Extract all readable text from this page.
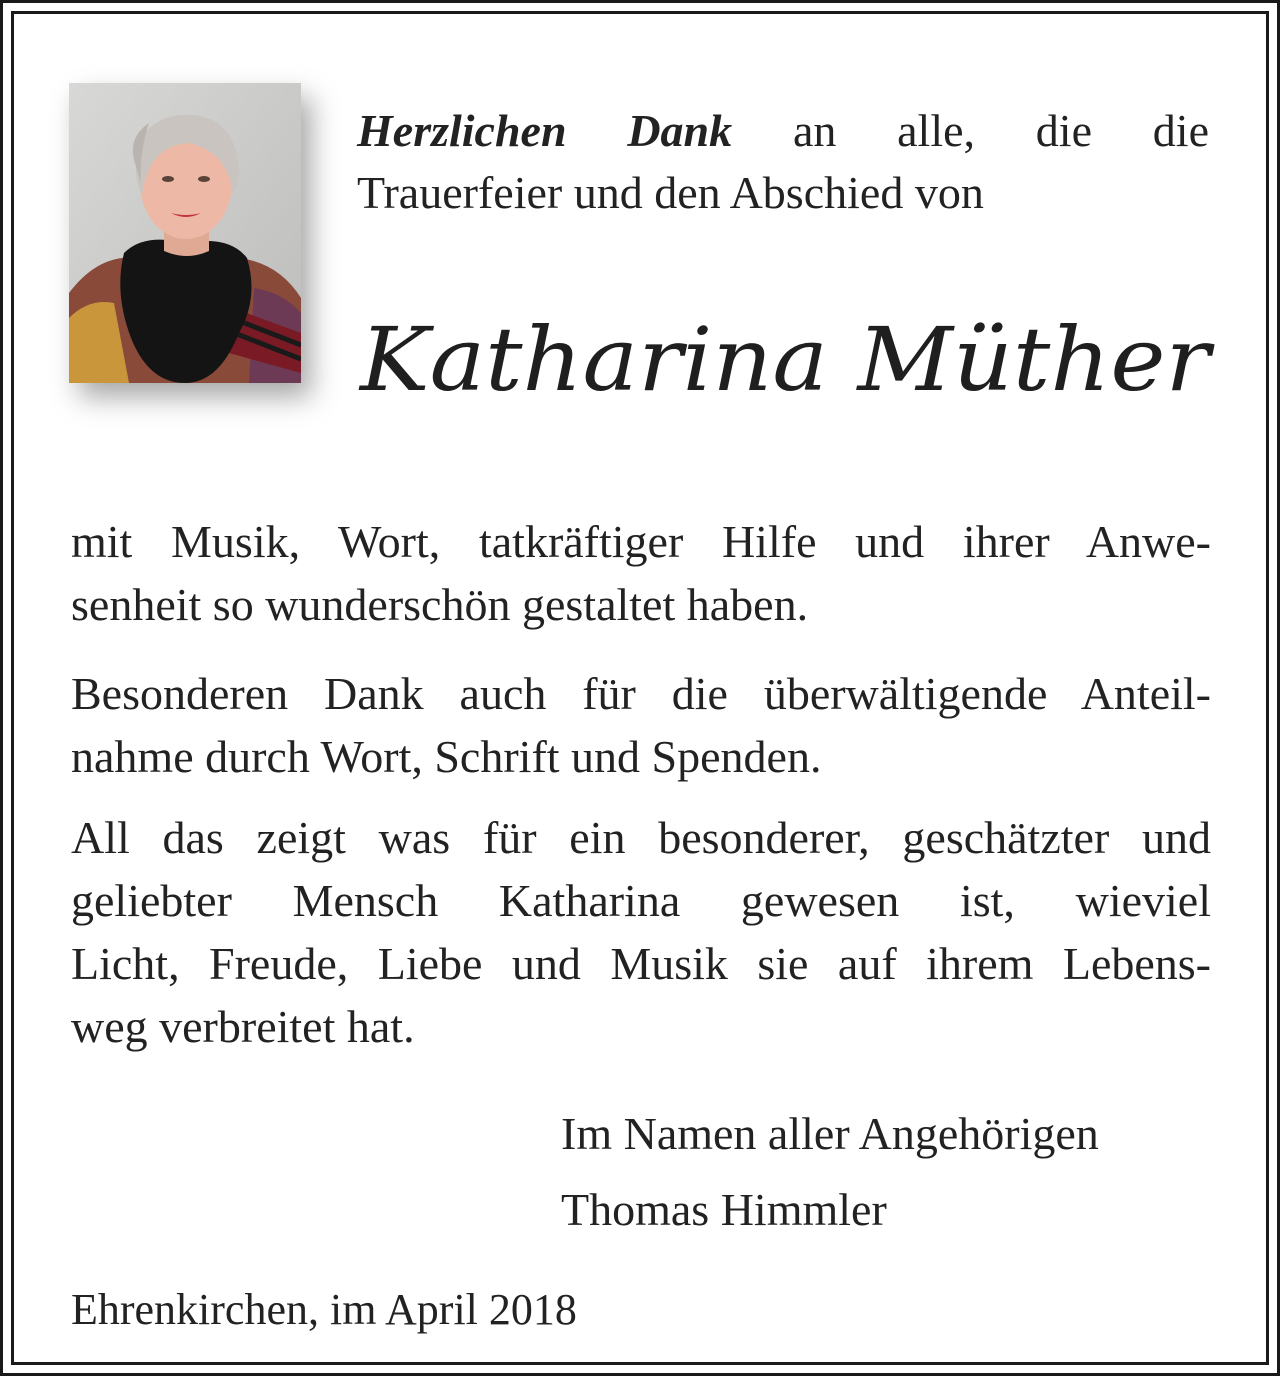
Herzlichen Dank an alle, die die
Trauerfeier und den Abschied von
Katharina Müther
mit Musik, Wort, tatkräftiger Hilfe und ihrer Anwe-
senheit so wunderschön gestaltet haben.
Besonderen Dank auch für die überwältigende Anteil-
nahme durch Wort, Schrift und Spenden.
All das zeigt was für ein besonderer, geschätzter und
geliebter Mensch Katharina gewesen ist, wieviel
Licht, Freude, Liebe und Musik sie auf ihrem Lebens-
weg verbreitet hat.
Im Namen aller Angehörigen
Thomas Himmler
Ehrenkirchen, im April 2018
